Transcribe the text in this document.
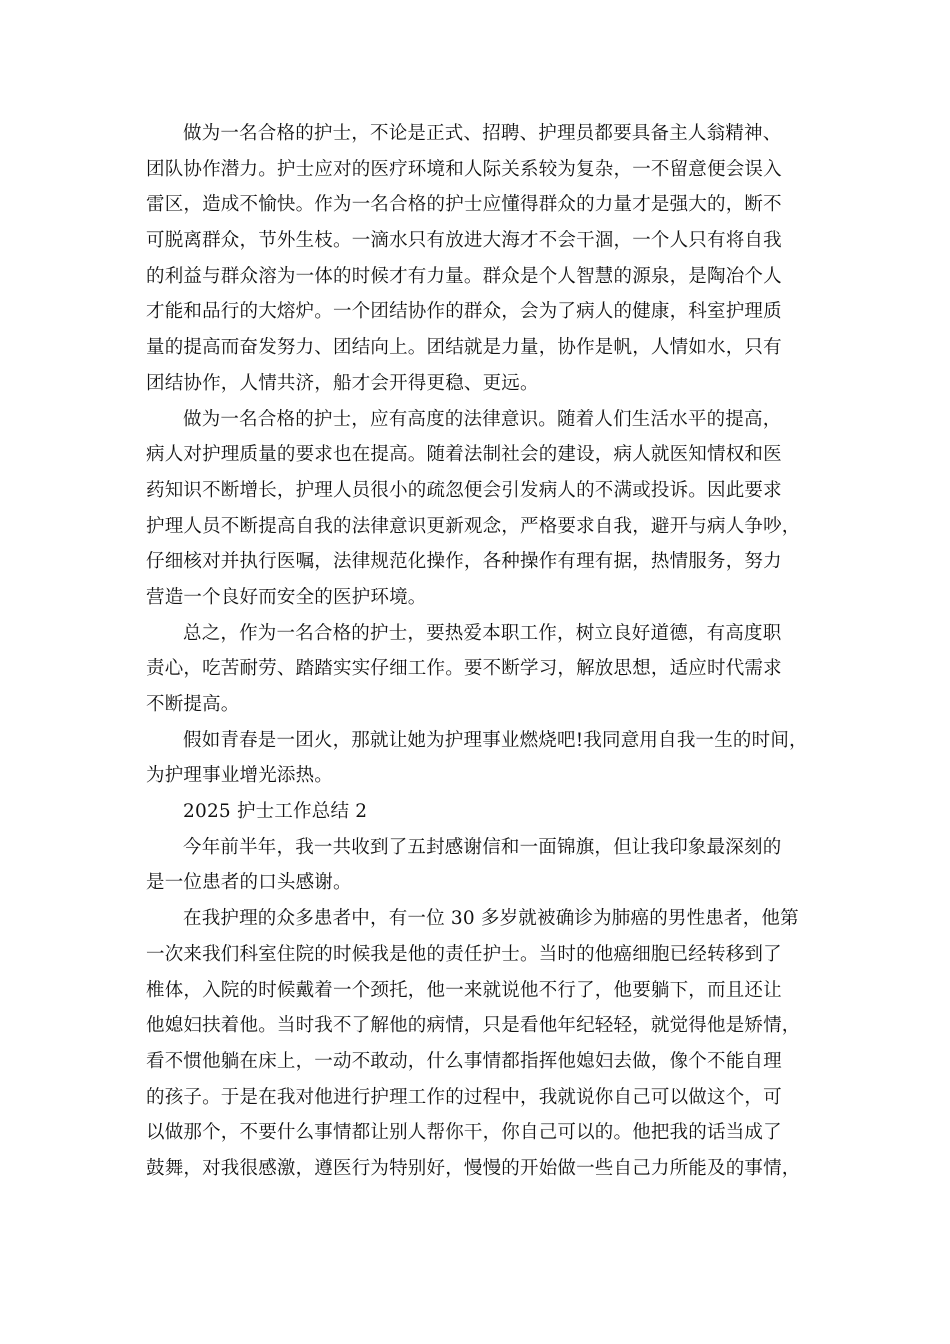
做为一名合格的护士，不论是正式、招聘、护理员都要具备主人翁精神、
团队协作潜力。护士应对的医疗环境和人际关系较为复杂，一不留意便会误入
雷区，造成不愉快。作为一名合格的护士应懂得群众的力量才是强大的，断不
可脱离群众，节外生枝。一滴水只有放进大海才不会干涸，一个人只有将自我
的利益与群众溶为一体的时候才有力量。群众是个人智慧的源泉，是陶冶个人
才能和品行的大熔炉。一个团结协作的群众，会为了病人的健康，科室护理质
量的提高而奋发努力、团结向上。团结就是力量，协作是帆，人情如水，只有
团结协作，人情共济，船才会开得更稳、更远。
做为一名合格的护士，应有高度的法律意识。随着人们生活水平的提高，
病人对护理质量的要求也在提高。随着法制社会的建设，病人就医知情权和医
药知识不断增长，护理人员很小的疏忽便会引发病人的不满或投诉。因此要求
护理人员不断提高自我的法律意识更新观念，严格要求自我，避开与病人争吵，
仔细核对并执行医嘱，法律规范化操作，各种操作有理有据，热情服务，努力
营造一个良好而安全的医护环境。
总之，作为一名合格的护士，要热爱本职工作，树立良好道德，有高度职
责心，吃苦耐劳、踏踏实实仔细工作。要不断学习，解放思想，适应时代需求
不断提高。
假如青春是一团火，那就让她为护理事业燃烧吧!我同意用自我一生的时间，
为护理事业增光添热。
2025 护士工作总结 2
今年前半年，我一共收到了五封感谢信和一面锦旗，但让我印象最深刻的
是一位患者的口头感谢。
在我护理的众多患者中，有一位 30 多岁就被确诊为肺癌的男性患者，他第
一次来我们科室住院的时候我是他的责任护士。当时的他癌细胞已经转移到了
椎体，入院的时候戴着一个颈托，他一来就说他不行了，他要躺下，而且还让
他媳妇扶着他。当时我不了解他的病情，只是看他年纪轻轻，就觉得他是矫情，
看不惯他躺在床上，一动不敢动，什么事情都指挥他媳妇去做，像个不能自理
的孩子。于是在我对他进行护理工作的过程中，我就说你自己可以做这个，可
以做那个，不要什么事情都让别人帮你干，你自己可以的。他把我的话当成了
鼓舞，对我很感激，遵医行为特别好，慢慢的开始做一些自己力所能及的事情，
